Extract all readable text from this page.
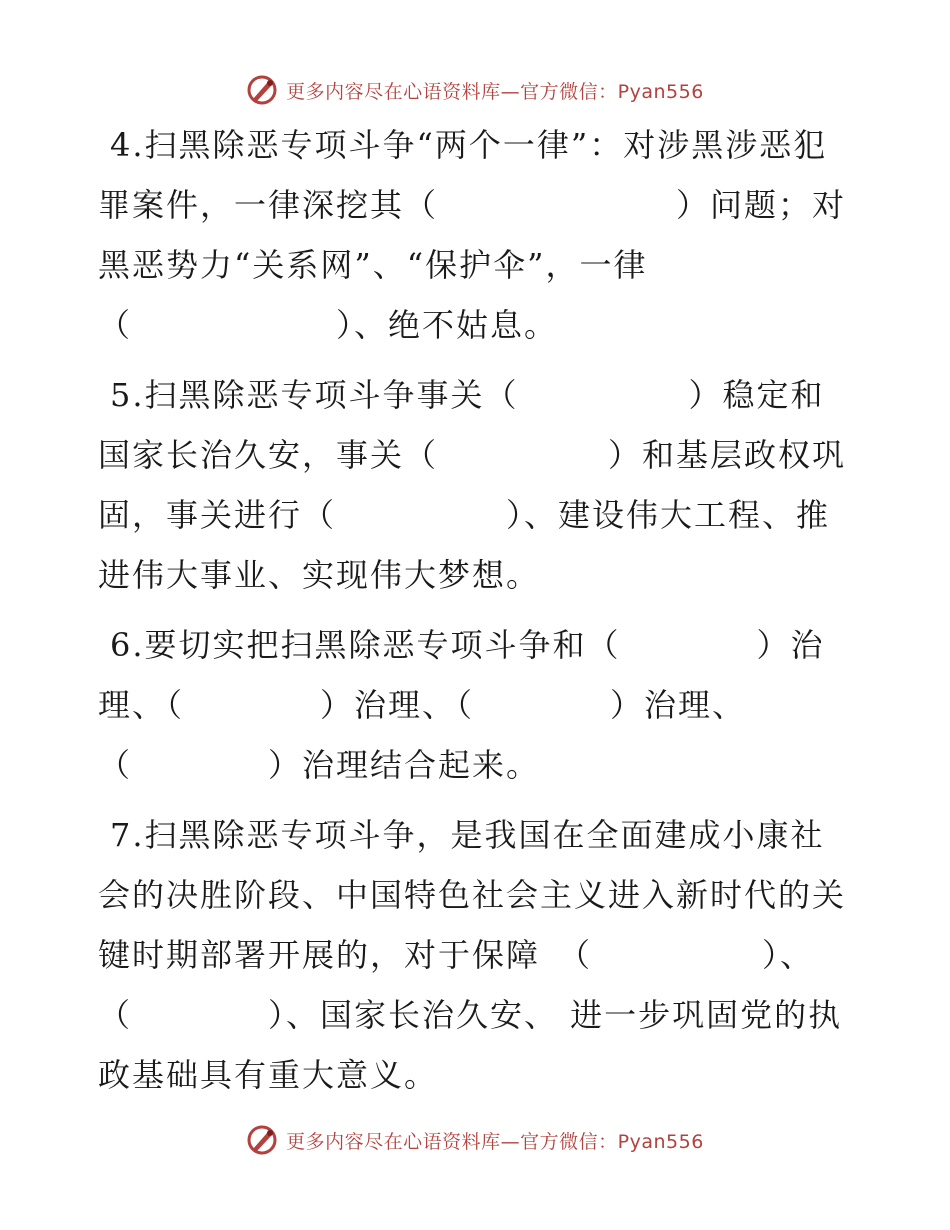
更多内容尽在心语资料库—官方微信：Pyan556

4.扫黑除恶专项斗争“两个一律”：对涉黑涉恶犯罪案件，一律深挖其（　　　　　　　）问题；对黑恶势力“关系网”、“保护伞”，一律（　　　　　　）、绝不姑息。

5.扫黑除恶专项斗争事关（　　　　　）稳定和国家长治久安，事关（　　　　　）和基层政权巩固，事关进行（　　　　　）、建设伟大工程、推进伟大事业、实现伟大梦想。

6.要切实把扫黑除恶专项斗争和（　　　　）治理、（　　　　）治理、（　　　　）治理、（　　　　）治理结合起来。

7.扫黑除恶专项斗争，是我国在全面建成小康社会的决胜阶段、中国特色社会主义进入新时代的关键时期部署开展的，对于保障　（　　　　　）、（　　　　）、国家长治久安、 进一步巩固党的执政基础具有重大意义。

更多内容尽在心语资料库—官方微信：Pyan556
